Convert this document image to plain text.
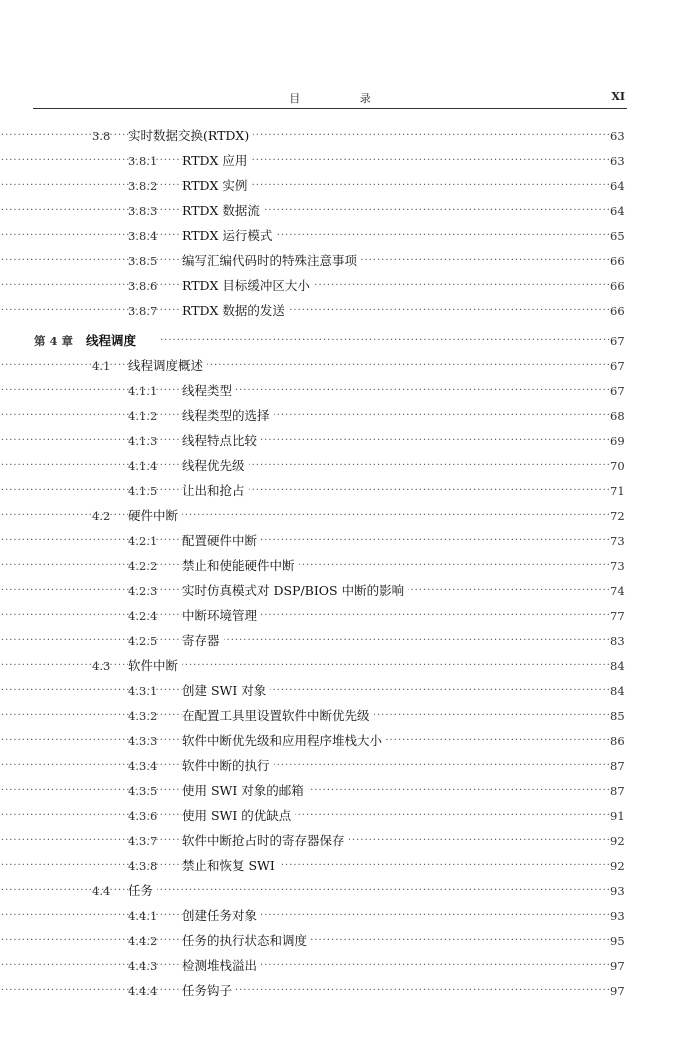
目 录	XI
3.8 ····· 实时数据交换(RTDX)	63
3.8.1 ····· RTDX 应用	63
3.8.2 ····· RTDX 实例	64
3.8.3 ····· RTDX 数据流	64
3.8.4 ····· RTDX 运行模式	65
3.8.5 ····· 编写汇编代码时的特殊注意事项	66
3.8.6 ····· RTDX 目标缓冲区大小	66
3.8.7 ····· RTDX 数据的发送	66
第 4 章 ····· 线程调度	67
4.1 ····· 线程调度概述	67
4.1.1 ····· 线程类型	67
4.1.2 ····· 线程类型的选择	68
4.1.3 ····· 线程特点比较	69
4.1.4 ····· 线程优先级	70
4.1.5 ····· 让出和抢占	71
4.2 ····· 硬件中断	72
4.2.1 ····· 配置硬件中断	73
4.2.2 ····· 禁止和使能硬件中断	73
4.2.3 ····· 实时仿真模式对 DSP/BIOS 中断的影响	74
4.2.4 ····· 中断环境管理	77
4.2.5 ····· 寄存器	83
4.3 ····· 软件中断	84
4.3.1 ····· 创建 SWI 对象	84
4.3.2 ····· 在配置工具里设置软件中断优先级	85
4.3.3 ····· 软件中断优先级和应用程序堆栈大小	86
4.3.4 ····· 软件中断的执行	87
4.3.5 ····· 使用 SWI 对象的邮箱	87
4.3.6 ····· 使用 SWI 的优缺点	91
4.3.7 ····· 软件中断抢占时的寄存器保存	92
4.3.8 ····· 禁止和恢复 SWI	92
4.4 ····· 任务	93
4.4.1 ····· 创建任务对象	93
4.4.2 ····· 任务的执行状态和调度	95
4.4.3 ····· 检测堆栈溢出	97
4.4.4 ····· 任务钩子	97
